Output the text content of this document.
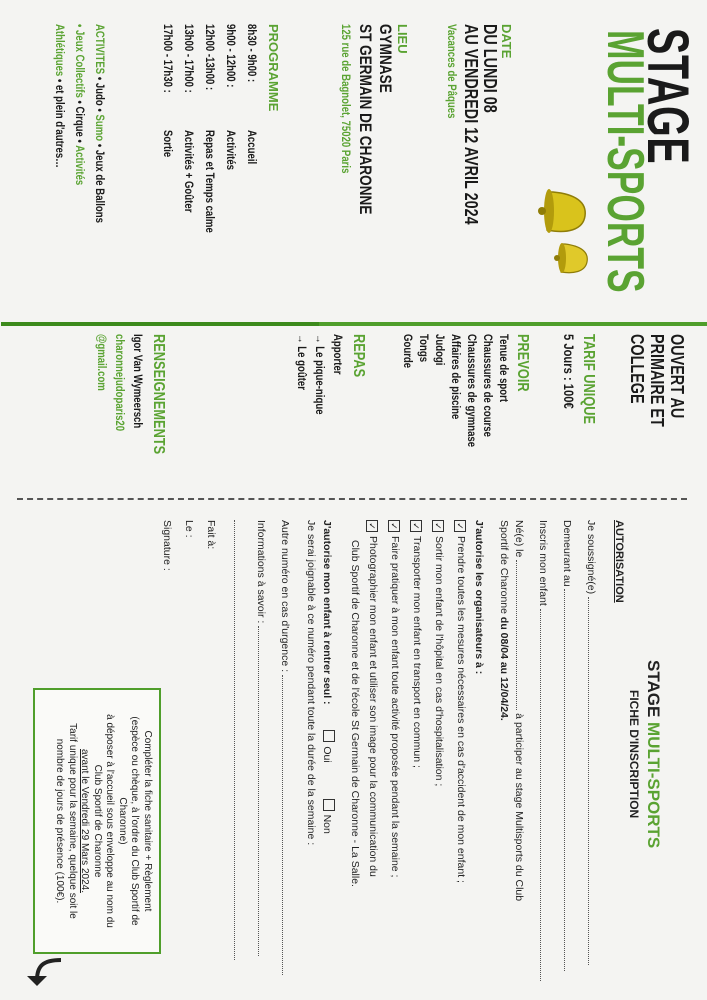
STAGE
MULTI-SPORTS
DATE
DU LUNDI 08
AU VENDREDI 12 AVRIL 2024
Vacances de Pâques
LIEU
GYMNASE
ST GERMAIN DE CHARONNE
125 rue de Bagnolet, 75020 Paris
PROGRAMME
8h30 - 9h00 :
Accueil
9h00 - 12h00 :
Activités
12h00 -13h00 :
Repas et Temps calme
13h00 - 17h00 :
Activités + Goûter
17h00 - 17h30 :
Sortie
ACTIVITES • Judo • Sumo • Jeux de Ballons
• Jeux Collectifs • Cirque • Activités
Athlétiques • et plein d'autres…
OUVERT AU
PRIMAIRE ET
COLLEGE
TARIF UNIQUE
5 Jours : 100€
PREVOIR
Tenue de sport
Chaussures de course
Chaussures de gymnase
Affaires de piscine
Judogi
Tongs
Gourde
REPAS
Apporter
→ Le pique-nique
→ Le goûter
RENSEIGNEMENTS
Igor Van Wymeersch
charonnejudoparis20
@gmail.com
STAGE MULTI-SPORTS
FICHE D'INSCRIPTION
AUTORISATION
Je soussigné(e)
Demeurant au
Inscris mon enfant
Né(e) le  à participer au stage Multisports du Club
Sportif de Charonne du 08/04 au 12/04/24.
J'autorise les organisateurs à :
✓Prendre toutes les mesures nécessaires en cas d'accident de mon enfant ;
✓Sortir mon enfant de l'hôpital en cas d'hospitalisation ;
✓Transporter mon enfant en transport en commun ;
✓Faire pratiquer à mon enfant toute activité proposée pendant la semaine ;
✓Photographier mon enfant et utiliser son image pour la communication du
Club Sportif de Charonne et de l'école St Germain de Charonne - La Salle.
J'autorise mon enfant à rentrer seul :  Oui  Non
Je serai joignable à ce numéro pendant toute la durée de la semaine :
Autre numéro en cas d'urgence :
Informations à savoir :
Fait à:
Le :
Signature :
Compléter la fiche sanitaire + Règlement
(espèce ou chèque, à l'ordre du Club Sportif de
Charonne)
à déposer à l'accueil sous enveloppe au nom du
Club Sportif de Charonne
avant le Vendredi 29 Mars 2024.
Tarif unique pour la semaine, quelque soit le
nombre de jours de présence (100€).
